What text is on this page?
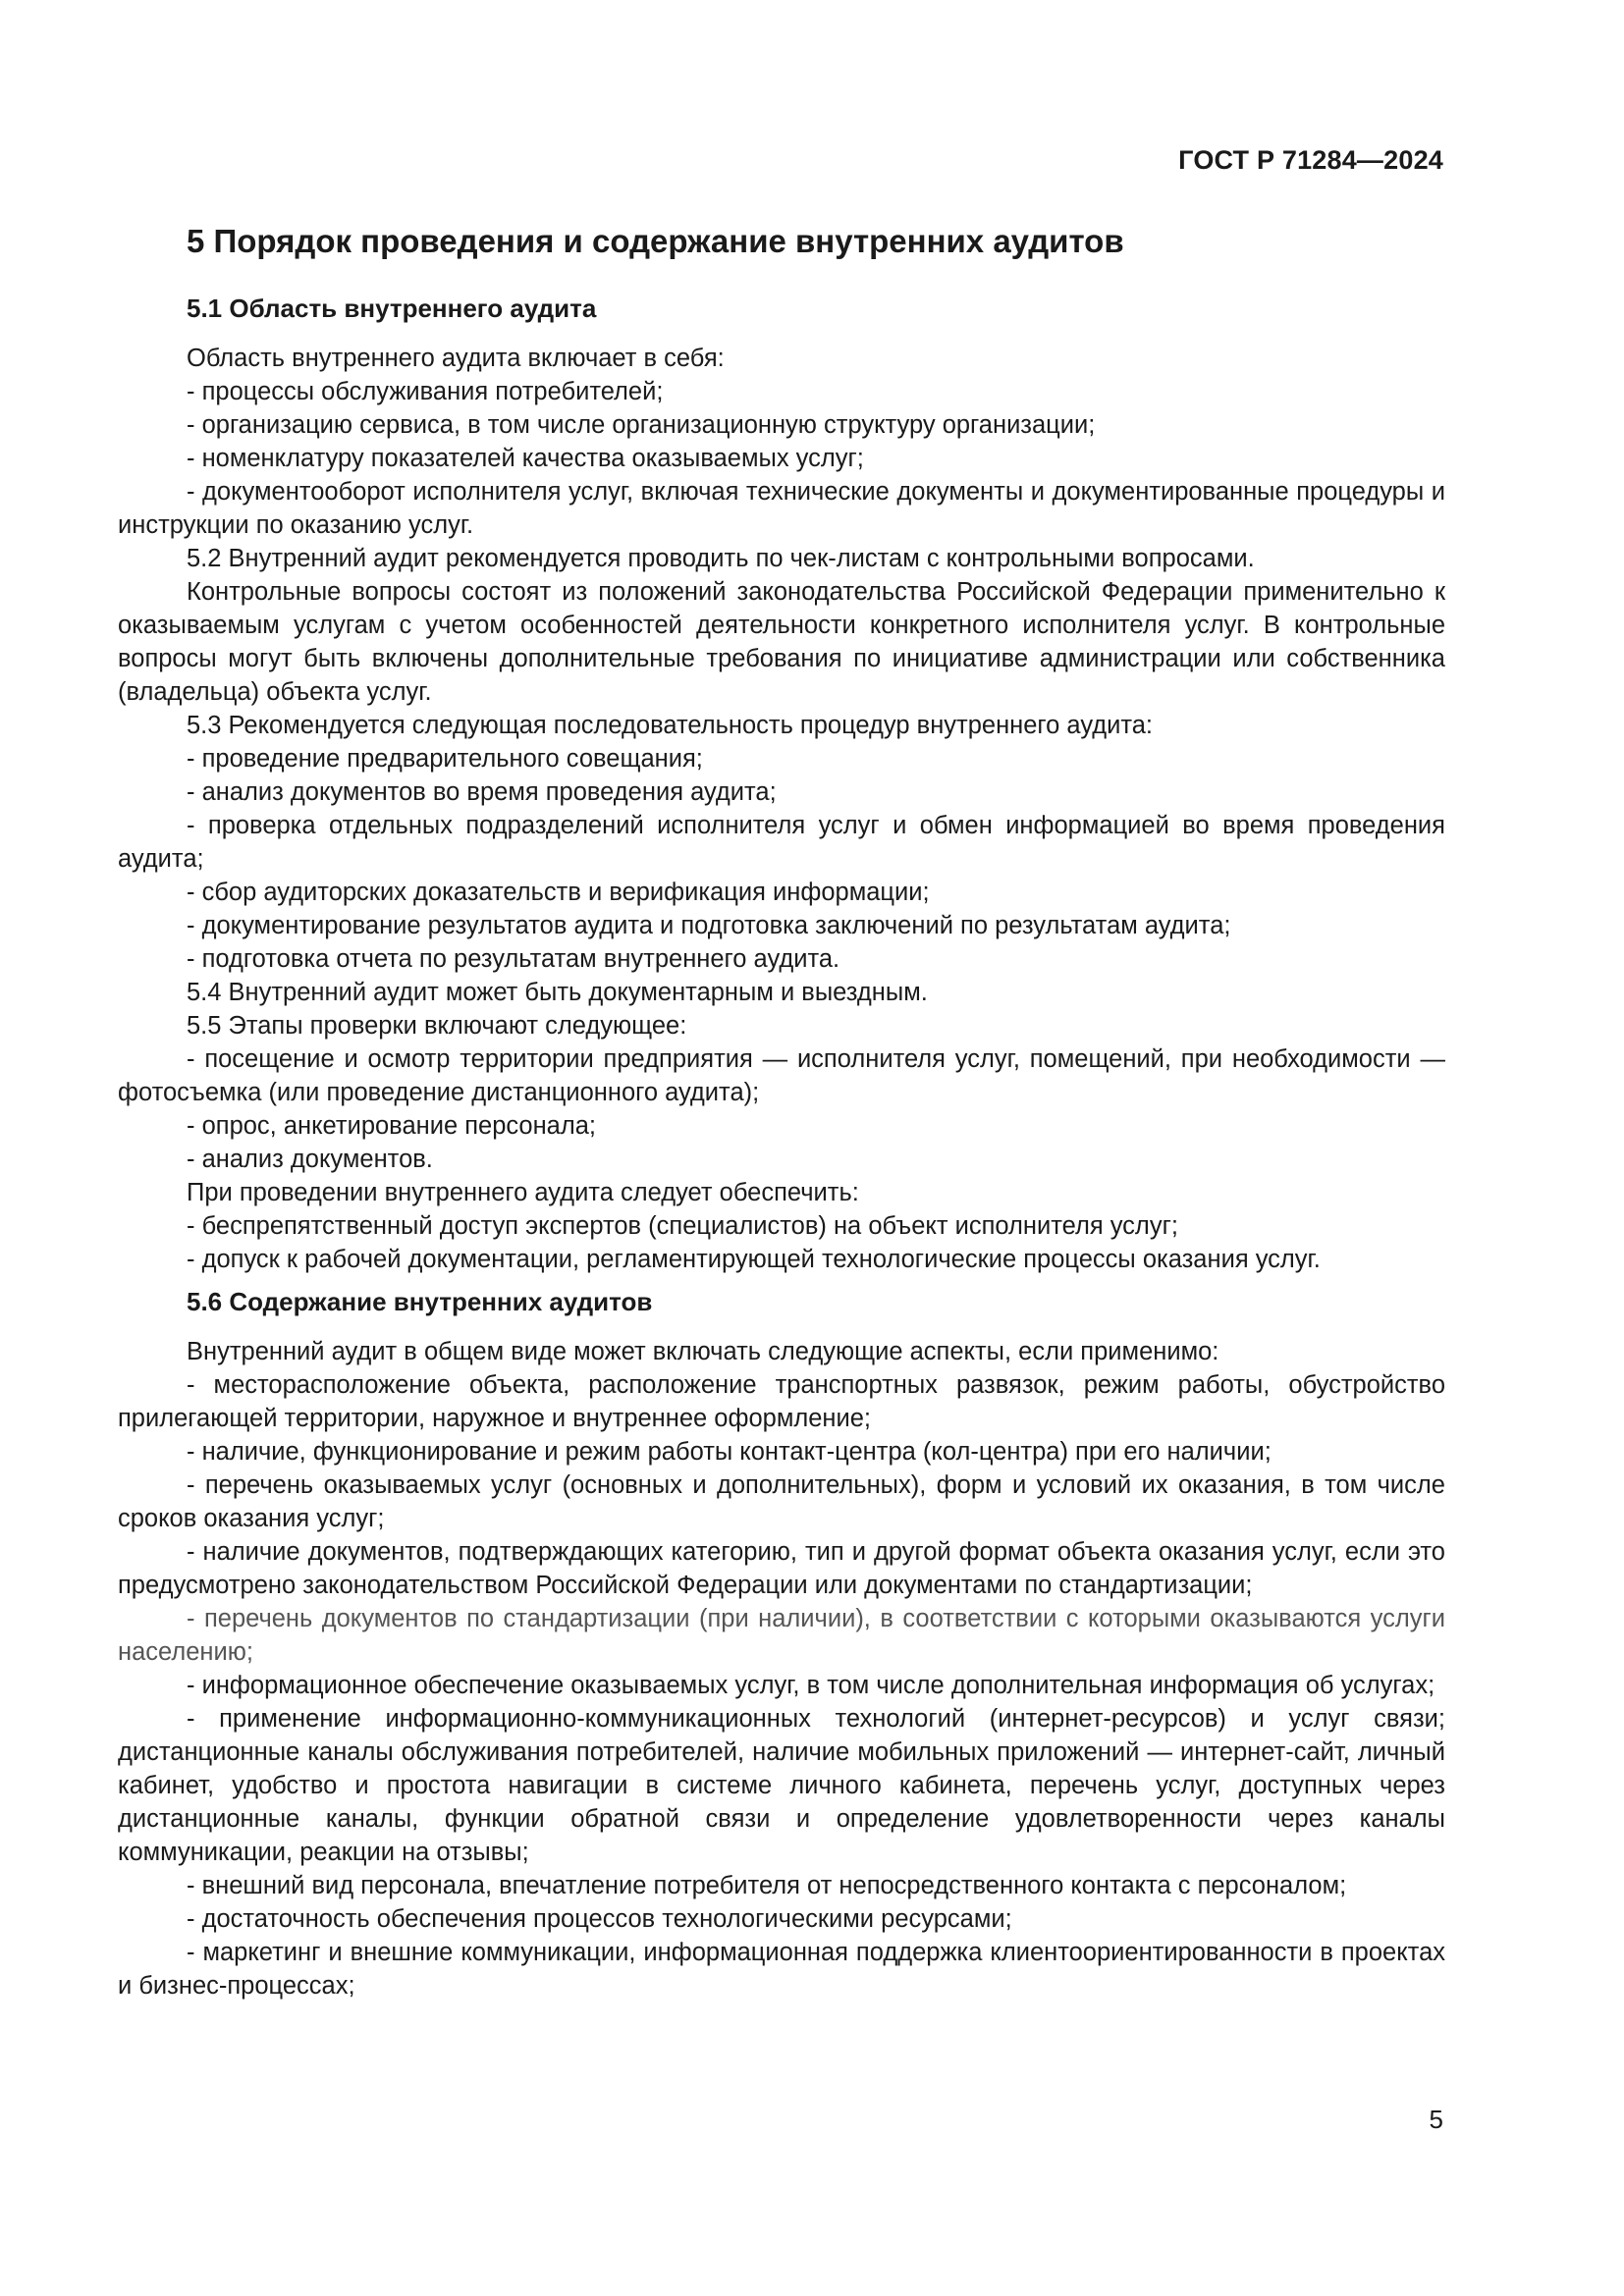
ГОСТ Р 71284—2024
5 Порядок проведения и содержание внутренних аудитов
5.1 Область внутреннего аудита

Область внутреннего аудита включает в себя:

- процессы обслуживания потребителей;

- организацию сервиса, в том числе организационную структуру организации;

- номенклатуру показателей качества оказываемых услуг;

- документооборот исполнителя услуг, включая технические документы и документированные процедуры и инструкции по оказанию услуг.

5.2 Внутренний аудит рекомендуется проводить по чек-листам с контрольными вопросами.

Контрольные вопросы состоят из положений законодательства Российской Федерации применительно к оказываемым услугам с учетом особенностей деятельности конкретного исполнителя услуг. В контрольные вопросы могут быть включены дополнительные требования по инициативе администрации или собственника (владельца) объекта услуг.

5.3 Рекомендуется следующая последовательность процедур внутреннего аудита:

- проведение предварительного совещания;

- анализ документов во время проведения аудита;

- проверка отдельных подразделений исполнителя услуг и обмен информацией во время проведения аудита;

- сбор аудиторских доказательств и верификация информации;

- документирование результатов аудита и подготовка заключений по результатам аудита;

- подготовка отчета по результатам внутреннего аудита.

5.4 Внутренний аудит может быть документарным и выездным.

5.5 Этапы проверки включают следующее:

- посещение и осмотр территории предприятия — исполнителя услуг, помещений, при необходимости — фотосъемка (или проведение дистанционного аудита);

- опрос, анкетирование персонала;

- анализ документов.

При проведении внутреннего аудита следует обеспечить:

- беспрепятственный доступ экспертов (специалистов) на объект исполнителя услуг;

- допуск к рабочей документации, регламентирующей технологические процессы оказания услуг.

5.6 Содержание внутренних аудитов

Внутренний аудит в общем виде может включать следующие аспекты, если применимо:

- месторасположение объекта, расположение транспортных развязок, режим работы, обустройство прилегающей территории, наружное и внутреннее оформление;

- наличие, функционирование и режим работы контакт-центра (кол-центра) при его наличии;

- перечень оказываемых услуг (основных и дополнительных), форм и условий их оказания, в том числе сроков оказания услуг;

- наличие документов, подтверждающих категорию, тип и другой формат объекта оказания услуг, если это предусмотрено законодательством Российской Федерации или документами по стандартизации;

- перечень документов по стандартизации (при наличии), в соответствии с которыми оказываются услуги населению;

- информационное обеспечение оказываемых услуг, в том числе дополнительная информация об услугах;

- применение информационно-коммуникационных технологий (интернет-ресурсов) и услуг связи; дистанционные каналы обслуживания потребителей, наличие мобильных приложений — интернет-сайт, личный кабинет, удобство и простота навигации в системе личного кабинета, перечень услуг, доступных через дистанционные каналы, функции обратной связи и определение удовлетворенности через каналы коммуникации, реакции на отзывы;

- внешний вид персонала, впечатление потребителя от непосредственного контакта с персоналом;

- достаточность обеспечения процессов технологическими ресурсами;

- маркетинг и внешние коммуникации, информационная поддержка клиентоориентированности в проектах и бизнес-процессах;

5
